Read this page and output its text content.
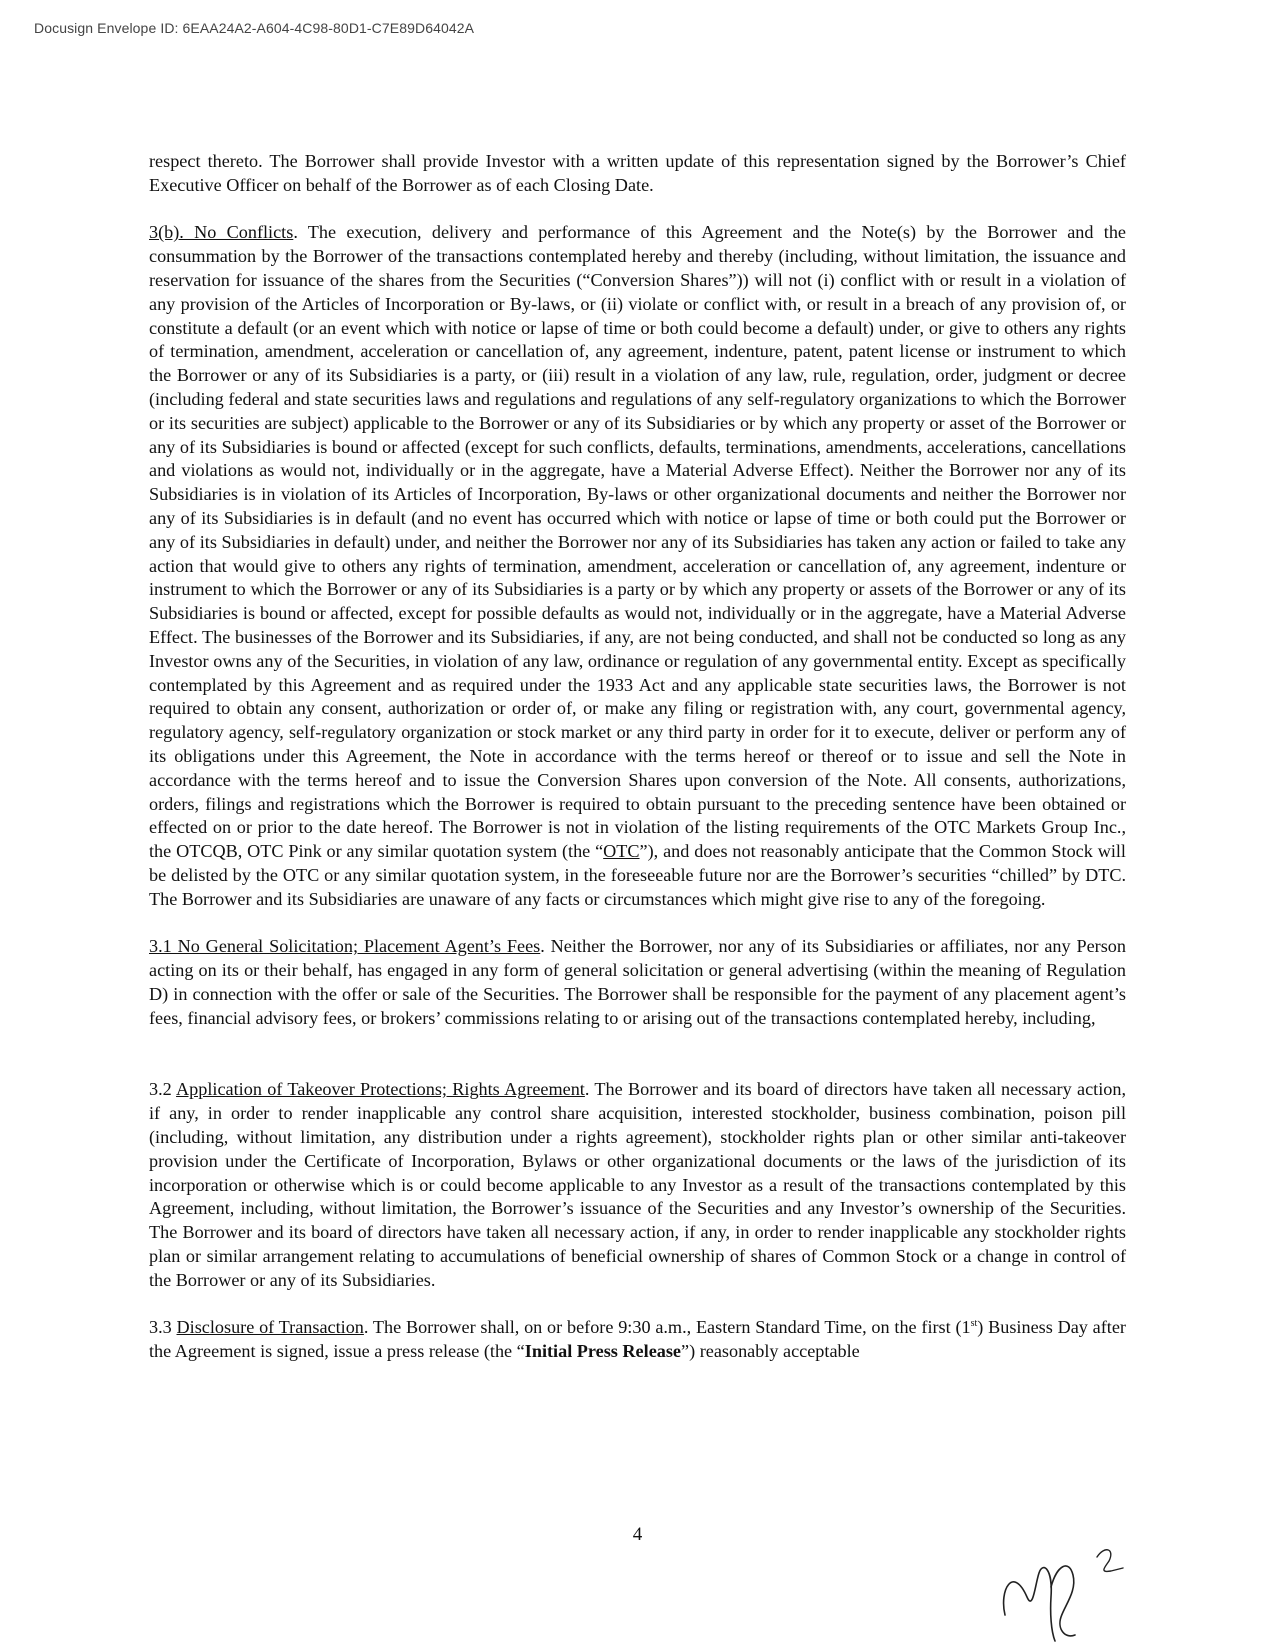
Docusign Envelope ID: 6EAA24A2-A604-4C98-80D1-C7E89D64042A

respect thereto. The Borrower shall provide Investor with a written update of this representation signed by the Borrower’s Chief Executive Officer on behalf of the Borrower as of each Closing Date.

3(b). No Conflicts. The execution, delivery and performance of this Agreement and the Note(s) by the Borrower and the consummation by the Borrower of the transactions contemplated hereby and thereby (including, without limitation, the issuance and reservation for issuance of the shares from the Securities (“Conversion Shares”)) will not (i) conflict with or result in a violation of any provision of the Articles of Incorporation or By-laws, or (ii) violate or conflict with, or result in a breach of any provision of, or constitute a default (or an event which with notice or lapse of time or both could become a default) under, or give to others any rights of termination, amendment, acceleration or cancellation of, any agreement, indenture, patent, patent license or instrument to which the Borrower or any of its Subsidiaries is a party, or (iii) result in a violation of any law, rule, regulation, order, judgment or decree (including federal and state securities laws and regulations and regulations of any self-regulatory organizations to which the Borrower or its securities are subject) applicable to the Borrower or any of its Subsidiaries or by which any property or asset of the Borrower or any of its Subsidiaries is bound or affected (except for such conflicts, defaults, terminations, amendments, accelerations, cancellations and violations as would not, individually or in the aggregate, have a Material Adverse Effect). Neither the Borrower nor any of its Subsidiaries is in violation of its Articles of Incorporation, By-laws or other organizational documents and neither the Borrower nor any of its Subsidiaries is in default (and no event has occurred which with notice or lapse of time or both could put the Borrower or any of its Subsidiaries in default) under, and neither the Borrower nor any of its Subsidiaries has taken any action or failed to take any action that would give to others any rights of termination, amendment, acceleration or cancellation of, any agreement, indenture or instrument to which the Borrower or any of its Subsidiaries is a party or by which any property or assets of the Borrower or any of its Subsidiaries is bound or affected, except for possible defaults as would not, individually or in the aggregate, have a Material Adverse Effect. The businesses of the Borrower and its Subsidiaries, if any, are not being conducted, and shall not be conducted so long as any Investor owns any of the Securities, in violation of any law, ordinance or regulation of any governmental entity. Except as specifically contemplated by this Agreement and as required under the 1933 Act and any applicable state securities laws, the Borrower is not required to obtain any consent, authorization or order of, or make any filing or registration with, any court, governmental agency, regulatory agency, self-regulatory organization or stock market or any third party in order for it to execute, deliver or perform any of its obligations under this Agreement, the Note in accordance with the terms hereof or thereof or to issue and sell the Note in accordance with the terms hereof and to issue the Conversion Shares upon conversion of the Note. All consents, authorizations, orders, filings and registrations which the Borrower is required to obtain pursuant to the preceding sentence have been obtained or effected on or prior to the date hereof. The Borrower is not in violation of the listing requirements of the OTC Markets Group Inc., the OTCQB, OTC Pink or any similar quotation system (the “OTC”), and does not reasonably anticipate that the Common Stock will be delisted by the OTC or any similar quotation system, in the foreseeable future nor are the Borrower’s securities “chilled” by DTC. The Borrower and its Subsidiaries are unaware of any facts or circumstances which might give rise to any of the foregoing.

3.1 No General Solicitation; Placement Agent’s Fees. Neither the Borrower, nor any of its Subsidiaries or affiliates, nor any Person acting on its or their behalf, has engaged in any form of general solicitation or general advertising (within the meaning of Regulation D) in connection with the offer or sale of the Securities. The Borrower shall be responsible for the payment of any placement agent’s fees, financial advisory fees, or brokers’ commissions relating to or arising out of the transactions contemplated hereby, including,

3.2 Application of Takeover Protections; Rights Agreement. The Borrower and its board of directors have taken all necessary action, if any, in order to render inapplicable any control share acquisition, interested stockholder, business combination, poison pill (including, without limitation, any distribution under a rights agreement), stockholder rights plan or other similar anti-takeover provision under the Certificate of Incorporation, Bylaws or other organizational documents or the laws of the jurisdiction of its incorporation or otherwise which is or could become applicable to any Investor as a result of the transactions contemplated by this Agreement, including, without limitation, the Borrower’s issuance of the Securities and any Investor’s ownership of the Securities. The Borrower and its board of directors have taken all necessary action, if any, in order to render inapplicable any stockholder rights plan or similar arrangement relating to accumulations of beneficial ownership of shares of Common Stock or a change in control of the Borrower or any of its Subsidiaries.

3.3 Disclosure of Transaction. The Borrower shall, on or before 9:30 a.m., Eastern Standard Time, on the first (1st) Business Day after the Agreement is signed, issue a press release (the “Initial Press Release”) reasonably acceptable

4
